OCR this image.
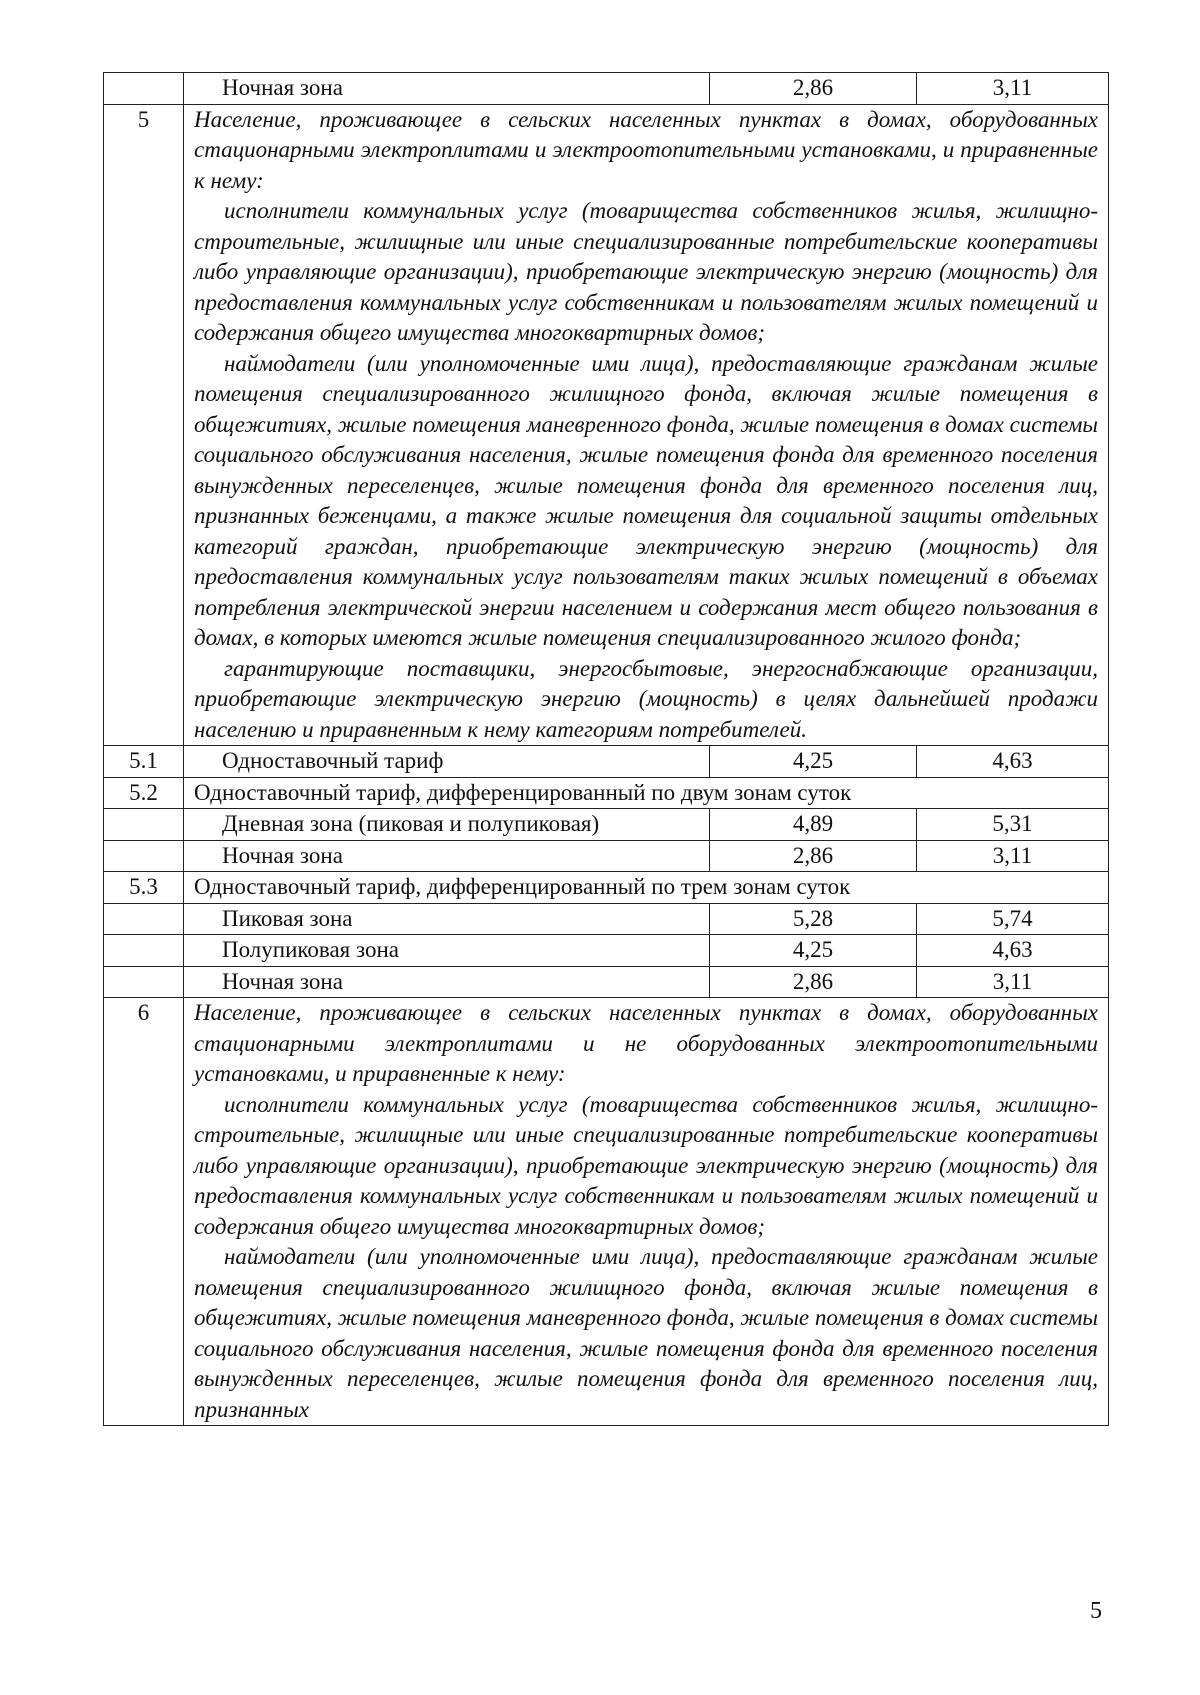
	Ночная зона	2,86	3,11
5	Население, проживающее в сельских населенных пунктах в домах, оборудованных стационарными электроплитами и электроотопительными установками, и приравненные к нему:

исполнители коммунальных услуг (товарищества собственников жилья, жилищно-строительные, жилищные или иные специализированные потребительские кооперативы либо управляющие организации), приобретающие электрическую энергию (мощность) для предоставления коммунальных услуг собственникам и пользователям жилых помещений и содержания общего имущества многоквартирных домов;

наймодатели (или уполномоченные ими лица), предоставляющие гражданам жилые помещения специализированного жилищного фонда, включая жилые помещения в общежитиях, жилые помещения маневренного фонда, жилые помещения в домах системы социального обслуживания населения, жилые помещения фонда для временного поселения вынужденных переселенцев, жилые помещения фонда для временного поселения лиц, признанных беженцами, а также жилые помещения для социальной защиты отдельных категорий граждан, приобретающие электрическую энергию (мощность) для предоставления коммунальных услуг пользователям таких жилых помещений в объемах потребления электрической энергии населением и содержания мест общего пользования в домах, в которых имеются жилые помещения специализированного жилого фонда;

гарантирующие поставщики, энергосбытовые, энергоснабжающие организации, приобретающие электрическую энергию (мощность) в целях дальнейшей продажи населению и приравненным к нему категориям потребителей.		

5.1	Одноставочный тариф	4,25	4,63
5.2	Одноставочный тариф, дифференцированный по двум зонам суток		
	Дневная зона (пиковая и полупиковая)	4,89	5,31
	Ночная зона	2,86	3,11
5.3	Одноставочный тариф, дифференцированный по трем зонам суток		
	Пиковая зона	5,28	5,74
	Полупиковая зона	4,25	4,63
	Ночная зона	2,86	3,11
6	Население, проживающее в сельских населенных пунктах в домах, оборудованных стационарными электроплитами и не оборудованных электроотопительными установками, и приравненные к нему:

исполнители коммунальных услуг (товарищества собственников жилья, жилищно-строительные, жилищные или иные специализированные потребительские кооперативы либо управляющие организации), приобретающие электрическую энергию (мощность) для предоставления коммунальных услуг собственникам и пользователям жилых помещений и содержания общего имущества многоквартирных домов;

наймодатели (или уполномоченные ими лица), предоставляющие гражданам жилые помещения специализированного жилищного фонда, включая жилые помещения в общежитиях, жилые помещения маневренного фонда, жилые помещения в домах системы социального обслуживания населения, жилые помещения фонда для временного поселения вынужденных переселенцев, жилые помещения фонда для временного поселения лиц, признанных		

5
